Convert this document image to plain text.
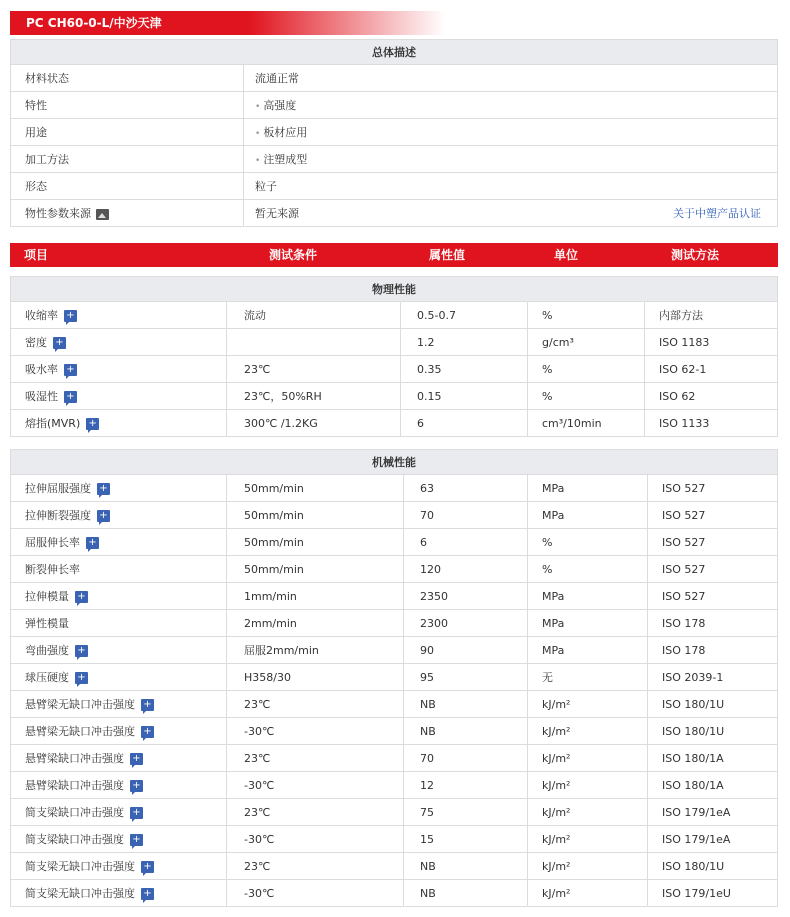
PC CH60-0-L/中沙天津
总体描述	
材料状态	流通正常
特性	• 高强度
用途	• 板材应用
加工方法	• 注塑成型
形态	粒子
物性参数来源	暂无来源 关于中塑产品认证
项目	测试条件	属性值	单位	测试方法
物理性能				
收缩率 +	流动	0.5-0.7	%	内部方法
密度 +		1.2	g/cm³	ISO 1183
吸水率 +	23℃	0.35	%	ISO 62-1
吸湿性 +	23℃，50%RH	0.15	%	ISO 62
熔指(MVR) +	300℃ /1.2KG	6	cm³/10min	ISO 1133
机械性能				
拉伸屈服强度 +	50mm/min	63	MPa	ISO 527
拉伸断裂强度 +	50mm/min	70	MPa	ISO 527
屈服伸长率 +	50mm/min	6	%	ISO 527
断裂伸长率	50mm/min	120	%	ISO 527
拉伸模量 +	1mm/min	2350	MPa	ISO 527
弹性模量	2mm/min	2300	MPa	ISO 178
弯曲强度 +	屈服2mm/min	90	MPa	ISO 178
球压硬度 +	H358/30	95	无	ISO 2039-1
悬臂梁无缺口冲击强度 +	23℃	NB	kJ/m²	ISO 180/1U
悬臂梁无缺口冲击强度 +	-30℃	NB	kJ/m²	ISO 180/1U
悬臂梁缺口冲击强度 +	23℃	70	kJ/m²	ISO 180/1A
悬臂梁缺口冲击强度 +	-30℃	12	kJ/m²	ISO 180/1A
简支梁缺口冲击强度 +	23℃	75	kJ/m²	ISO 179/1eA
简支梁缺口冲击强度 +	-30℃	15	kJ/m²	ISO 179/1eA
简支梁无缺口冲击强度 +	23℃	NB	kJ/m²	ISO 180/1U
简支梁无缺口冲击强度 +	-30℃	NB	kJ/m²	ISO 179/1eU
